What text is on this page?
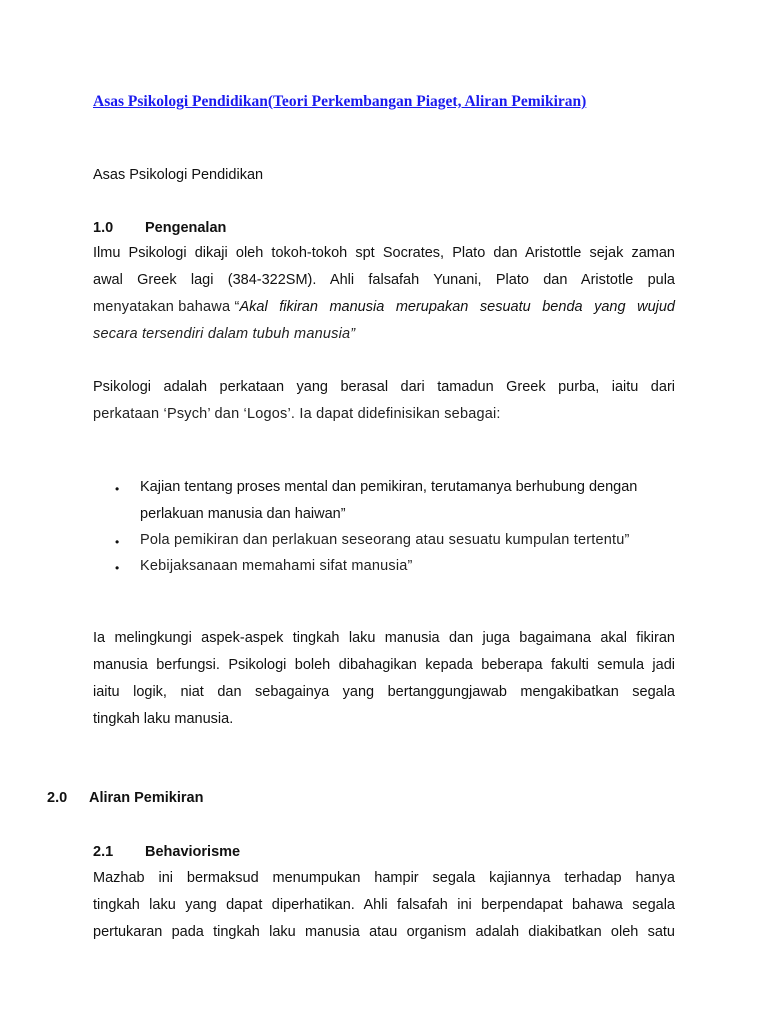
Asas Psikologi Pendidikan(Teori Perkembangan Piaget, Aliran Pemikiran)
Asas Psikologi Pendidikan
1.0 Pengenalan
Ilmu Psikologi dikaji oleh tokoh-tokoh spt Socrates, Plato dan Aristottle sejak zaman
awal Greek lagi (384-322SM). Ahli falsafah Yunani, Plato dan Aristotle pula
menyatakan bahawa “ Akal fikiran manusia merupakan sesuatu benda yang wujud
secara tersendiri dalam tubuh manusia”
Psikologi adalah perkataan yang berasal dari tamadun Greek purba, iaitu dari
perkataan ‘Psych’ dan ‘Logos’. Ia dapat didefinisikan sebagai:
• Kajian tentang proses mental dan pemikiran, terutamanya berhubung dengan
perlakuan manusia dan haiwan”
• Pola pemikiran dan perlakuan seseorang atau sesuatu kumpulan tertentu”
• Kebijaksanaan memahami sifat manusia”
Ia melingkungi aspek-aspek tingkah laku manusia dan juga bagaimana akal fikiran
manusia berfungsi. Psikologi boleh dibahagikan kepada beberapa fakulti semula jadi
iaitu logik, niat dan sebagainya yang bertanggungjawab mengakibatkan segala
tingkah laku manusia.
2.0 Aliran Pemikiran
2.1 Behaviorisme
Mazhab ini bermaksud menumpukan hampir segala kajiannya terhadap hanya
tingkah laku yang dapat diperhatikan. Ahli falsafah ini berpendapat bahawa segala
pertukaran pada tingkah laku manusia atau organism adalah diakibatkan oleh satu
